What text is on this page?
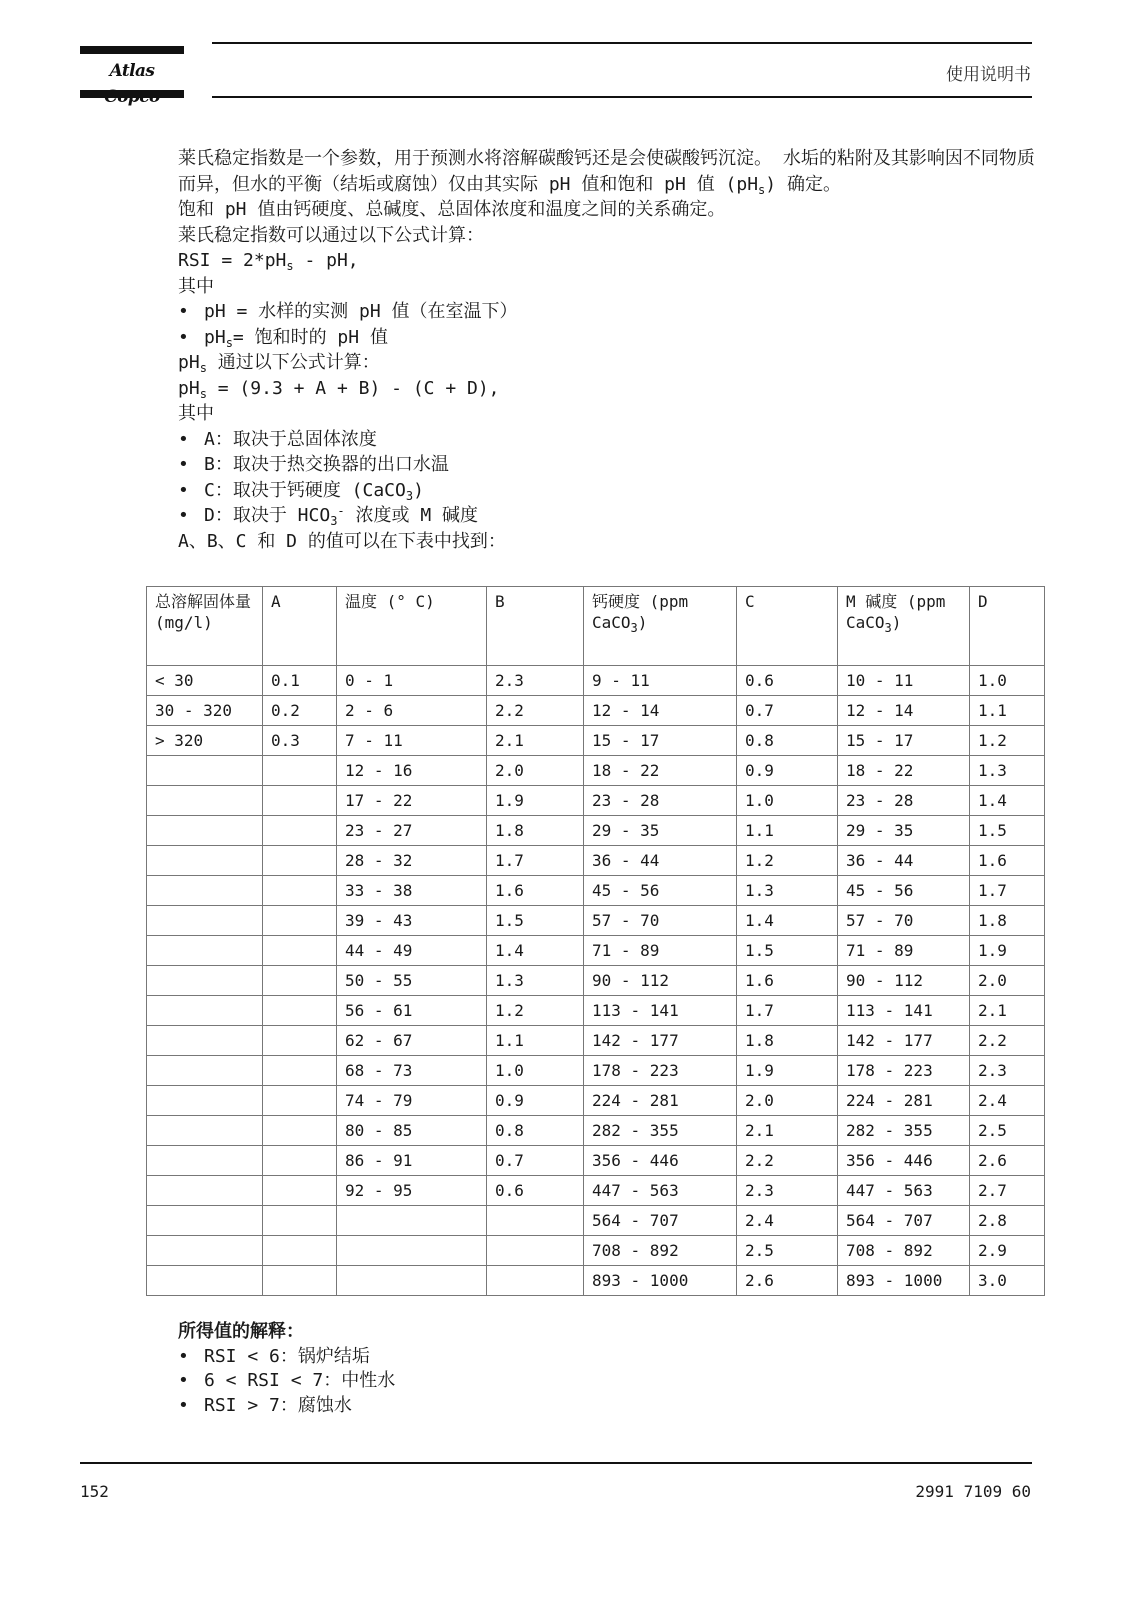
Atlas	使用说明书

莱氏稳定指数是一个参数，用于预测水将溶解碳酸钙还是会使碳酸钙沉淀。 水垢的粘附及其影响因不同物质而异，但水的平衡（结垢或腐蚀）仅由其实际 pH 值和饱和 pH 值 $(pH_s)$ 确定。

饱和 pH 值由钙硬度、总碱度、总固体浓度和温度之间的关系确定。

莱氏稳定指数可以通过以下公式计算：

RSI = $2*pH_s$ - pH,

其中

• pH = 水样的实测 pH 值（在室温下）
• $pH_s=$ 饱和时的 pH 值

$pH_s$ 通过以下公式计算：

$pH_s = (9.3 + A + B) - (C + D)$,

其中

• A：取决于总固体浓度
• B：取决于热交换器的出口水温
• C：取决于钙硬度 (CaCO$_3$)
• D：取决于 $HCO_3^-$ 浓度或 M 碱度

A、B、C 和 D 的值可以在下表中找到：

总溶解固体量 (mg/l)	A	温度 (° C)	B	钙硬度 (ppm CaCO$_3$)	C	M 碱度 (ppm CaCO$_3$)	D
< 30	0.1	0 - 1	2.3	9 - 11	0.6	10 - 11	1.0
30 - 320	0.2	2 - 6	2.2	12 - 14	0.7	12 - 14	1.1
> 320	0.3	7 - 11	2.1	15 - 17	0.8	15 - 17	1.2
		12 - 16	2.0	18 - 22	0.9	18 - 22	1.3
		17 - 22	1.9	23 - 28	1.0	23 - 28	1.4
		23 - 27	1.8	29 - 35	1.1	29 - 35	1.5
		28 - 32	1.7	36 - 44	1.2	36 - 44	1.6
		33 - 38	1.6	45 - 56	1.3	45 - 56	1.7
		39 - 43	1.5	57 - 70	1.4	57 - 70	1.8
		44 - 49	1.4	71 - 89	1.5	71 - 89	1.9
		50 - 55	1.3	90 - 112	1.6	90 - 112	2.0
		56 - 61	1.2	113 - 141	1.7	113 - 141	2.1
		62 - 67	1.1	142 - 177	1.8	142 - 177	2.2
		68 - 73	1.0	178 - 223	1.9	178 - 223	2.3
		74 - 79	0.9	224 - 281	2.0	224 - 281	2.4
		80 - 85	0.8	282 - 355	2.1	282 - 355	2.5
		86 - 91	0.7	356 - 446	2.2	356 - 446	2.6
		92 - 95	0.6	447 - 563	2.3	447 - 563	2.7
				564 - 707	2.4	564 - 707	2.8
				708 - 892	2.5	708 - 892	2.9
				893 - 1000	2.6	893 - 1000	3.0
所得值的解释：
• RSI < 6：锅炉结垢
• 6 < RSI < 7：中性水
• RSI > 7：腐蚀水
152	2991 7109 60
